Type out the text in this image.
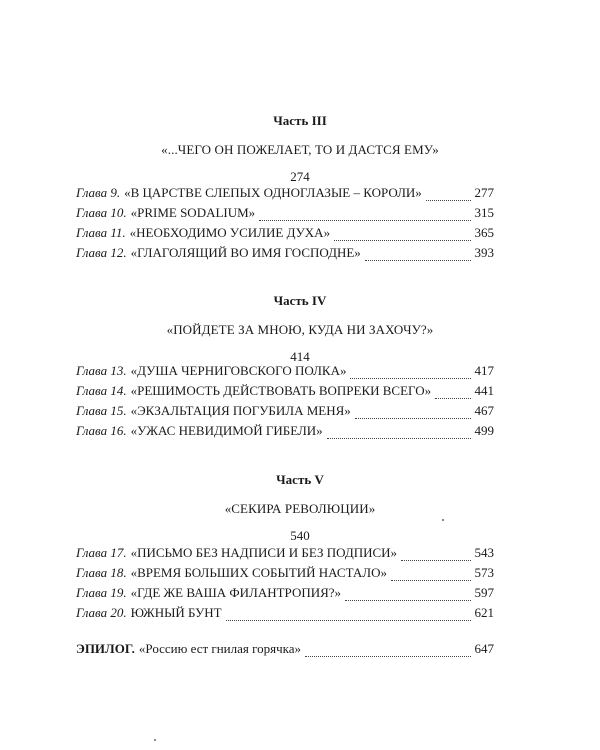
Часть III
«...ЧЕГО ОН ПОЖЕЛАЕТ, ТО И ДАСТСЯ ЕМУ»
274
Глава 9. «В ЦАРСТВЕ СЛЕПЫХ ОДНОГЛАЗЫЕ – КОРОЛИ»	277
Глава 10. «PRIME SODALIUM»	315
Глава 11. «НЕОБХОДИМО УСИЛИЕ ДУХА»	365
Глава 12. «ГЛАГОЛЯЩИЙ ВО ИМЯ ГОСПОДНЕ»	393
Часть IV
«ПОЙДЕТЕ ЗА МНОЮ, КУДА НИ ЗАХОЧУ?»
414
Глава 13. «ДУША ЧЕРНИГОВСКОГО ПОЛКА»	417
Глава 14. «РЕШИМОСТЬ ДЕЙСТВОВАТЬ ВОПРЕКИ ВСЕГО»	441
Глава 15. «ЭКЗАЛЬТАЦИЯ ПОГУБИЛА МЕНЯ»	467
Глава 16. «УЖАС НЕВИДИМОЙ ГИБЕЛИ»	499
Часть V
«СЕКИРА РЕВОЛЮЦИИ»
540
Глава 17. «ПИСЬМО БЕЗ НАДПИСИ И БЕЗ ПОДПИСИ»	543
Глава 18. «ВРЕМЯ БОЛЬШИХ СОБЫТИЙ НАСТАЛО»	573
Глава 19. «ГДЕ ЖЕ ВАША ФИЛАНТРОПИЯ?»	597
Глава 20. ЮЖНЫЙ БУНТ	621
ЭПИЛОГ. «Россию ест гнилая горячка»	647
